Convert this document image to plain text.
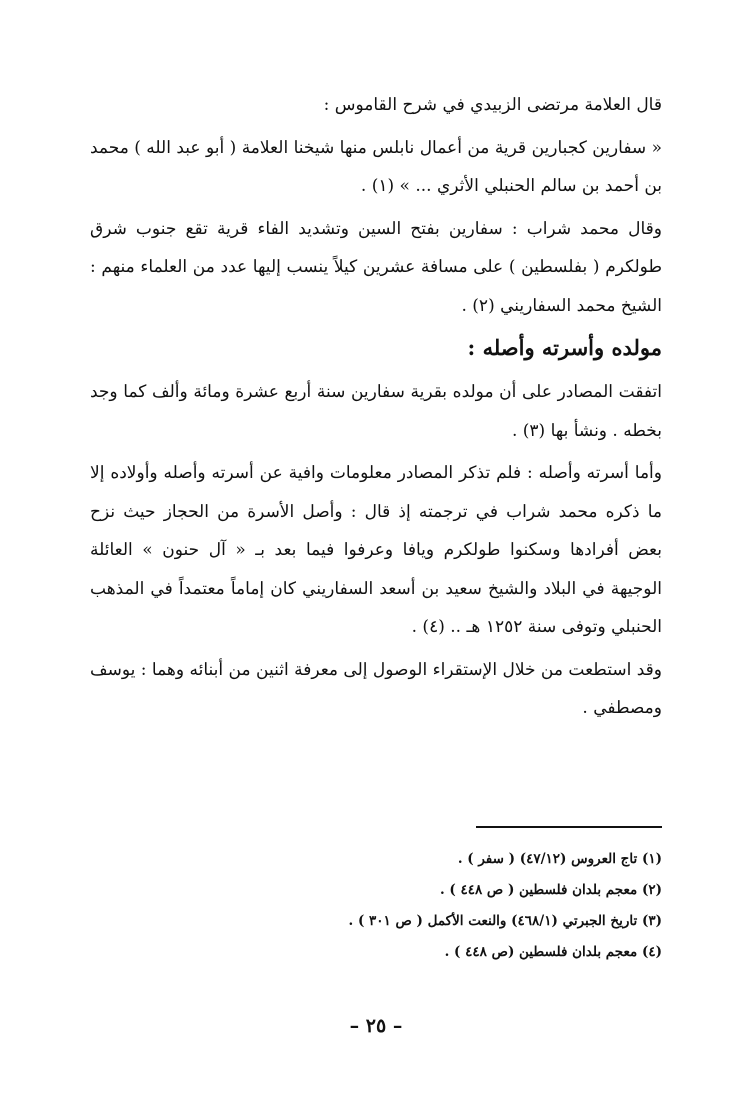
قال العلامة مرتضى الزبيدي في شرح القاموس :

« سفارين كجبارين قرية من أعمال نابلس منها شيخنا العلامة ( أبو عبد الله ) محمد بن أحمد بن سالم الحنبلي الأثري ... » (١) .

وقال محمد شراب : سفارين بفتح السين وتشديد الفاء قرية تقع جنوب شرق طولكرم ( بفلسطين ) على مسافة عشرين كيلاً ينسب إليها عدد من العلماء منهم : الشيخ محمد السفاريني (٢) .

مولده وأسرته وأصله :

اتفقت المصادر على أن مولده بقرية سفارين سنة أربع عشرة ومائة وألف كما وجد بخطه . ونشأ بها (٣) .

وأما أسرته وأصله : فلم تذكر المصادر معلومات وافية عن أسرته وأصله وأولاده إلا ما ذكره محمد شراب في ترجمته إذ قال : وأصل الأسرة من الحجاز حيث نزح بعض أفرادها وسكنوا طولكرم ويافا وعرفوا فيما بعد بـ « آل حنون » العائلة الوجيهة في البلاد والشيخ سعيد بن أسعد السفاريني كان إماماً معتمداً في المذهب الحنبلي وتوفى سنة ١٢٥٢ هـ .. (٤) .

وقد استطعت من خلال الإستقراء الوصول إلى معرفة اثنين من أبنائه وهما : يوسف ومصطفي .

(١) تاج العروس (٤٧/١٢) ( سفر ) .

(٢) معجم بلدان فلسطين ( ص ٤٤٨ ) .

(٣) تاريخ الجبرتي (٤٦٨/١) والنعت الأكمل ( ص ٣٠١ ) .

(٤) معجم بلدان فلسطين (ص ٤٤٨ ) .

– ٢٥ –
